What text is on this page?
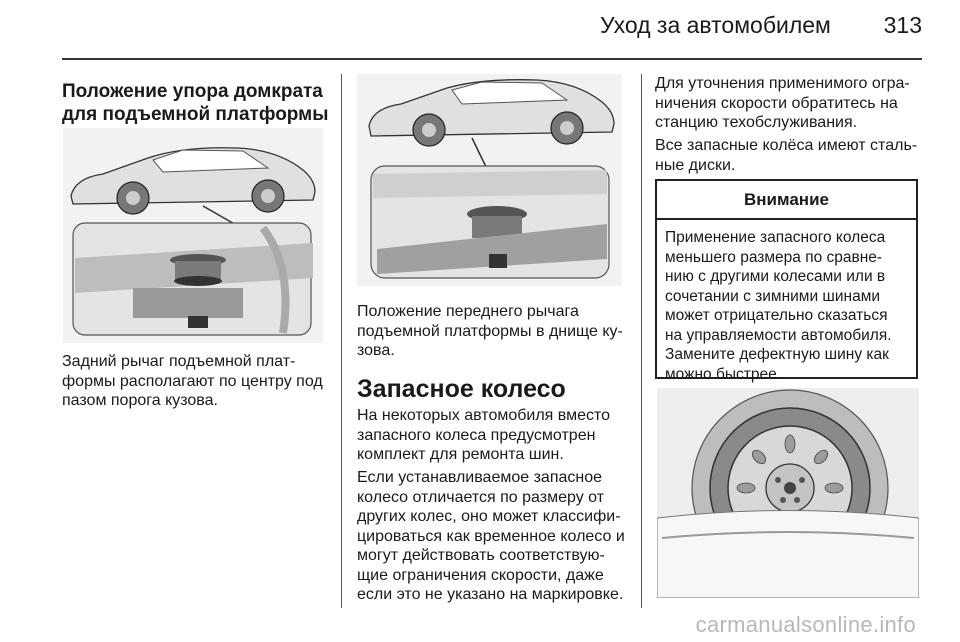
Уход за автомобилем 313
Положение упора домкрата
для подъемной платформы
Задний рычаг подъемной плат-
формы располагают по центру под
пазом порога кузова.
Положение переднего рычага
подъемной платформы в днище ку-
зова.
Запасное колесо
На некоторых автомобиля вместо
запасного колеса предусмотрен
комплект для ремонта шин.
Если устанавливаемое запасное
колесо отличается по размеру от
других колес, оно может классифи-
цироваться как временное колесо и
могут действовать соответствую-
щие ограничения скорости, даже
если это не указано на маркировке.
Для уточнения применимого огра-
ничения скорости обратитесь на
станцию техобслуживания.
Все запасные колёса имеют сталь-
ные диски.
Внимание
Применение запасного колеса
меньшего размера по сравне-
нию с другими колесами или в
сочетании с зимними шинами
может отрицательно сказаться
на управляемости автомобиля.
Замените дефектную шину как
можно быстрее.
carmanualsonline.info
